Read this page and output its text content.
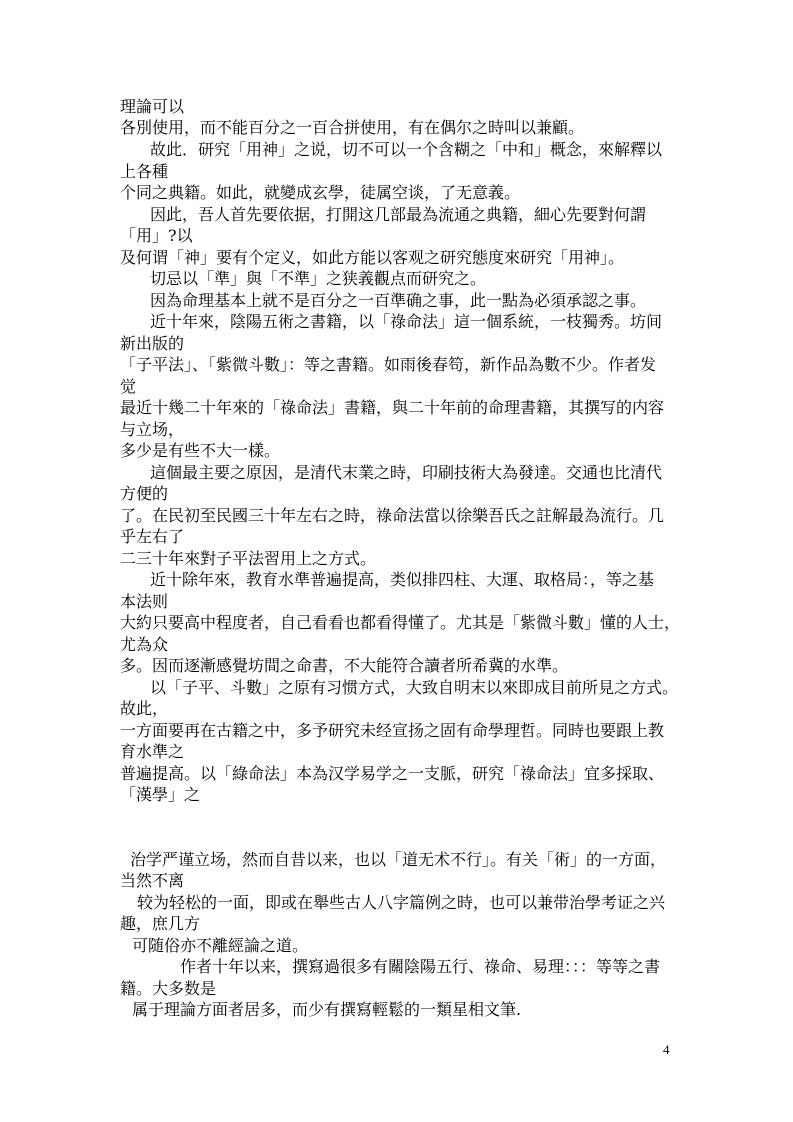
理論可以
各別使用，而不能百分之一百合拼使用，有在偶尔之時叫以兼顧。
故此．研究「用神」之说，切不可以一个含糊之「中和」概念，來解釋以
上各種
个同之典籍。如此，就變成玄學，徒属空谈，了无意義。
因此，吾人首先要依据，打開这几部最為流通之典籍，細心先要對何謂
「用」?以
及何谓「神」要有个定义，如此方能以客观之研究態度來研究「用神」。
切忌以「準」與「不準」之狭義觀点而研究之。
因為命理基本上就不是百分之一百準确之事，此一點為必須承認之事。
近十年來，陰陽五術之書籍，以「祿命法」這一個系統，一枝獨秀。坊间
新出版的
「子平法」、「紫微斗數」：等之書籍。如雨後春笱，新作品為數不少。作者发
觉
最近十幾二十年來的「祿命法」書籍，與二十年前的命理書籍，其撰写的内容
与立场，
多少是有些不大一樣。
這個最主要之原因，是清代末業之時，印刷技術大為發達。交通也比清代
方便的
了。在民初至民國三十年左右之時，祿命法當以徐樂吾氏之註解最為流行。几
乎左右了
二三十年來對子平法習用上之方式。
近十除年來，教育水準普遍提高，类似排四柱、大運、取格局：，等之基
本法则
大約只要高中程度者，自己看看也都看得懂了。尤其是「紫微斗數」懂的人士，
尤為众
多。因而逐漸感覺坊間之命書，不大能符合讀者所希冀的水準。
以「子平、斗數」之原有习惯方式，大致自明末以來即成目前所見之方式。
故此，
一方面要再在古籍之中，多予研究未经宣扬之固有命學理哲。同時也要跟上教
育水準之
普遍提高。以「綠命法」本為汉学易学之一支脈，研究「祿命法」宜多採取、
「漢學」之
治学严谨立场，然而自昔以来，也以「道无术不行」。有关「術」的一方面，
当然不离
较为轻松的一面，即或在舉些古人八字篇例之時，也可以兼带治學考证之兴
趣，庶几方
可随俗亦不離經論之道。
作者十年以来，撰寫過很多有關陰陽五行、祿命、易理：：：等等之書
籍。大多数是
属于理論方面者居多，而少有撰寫輕鬆的一類星相文筆.
4
